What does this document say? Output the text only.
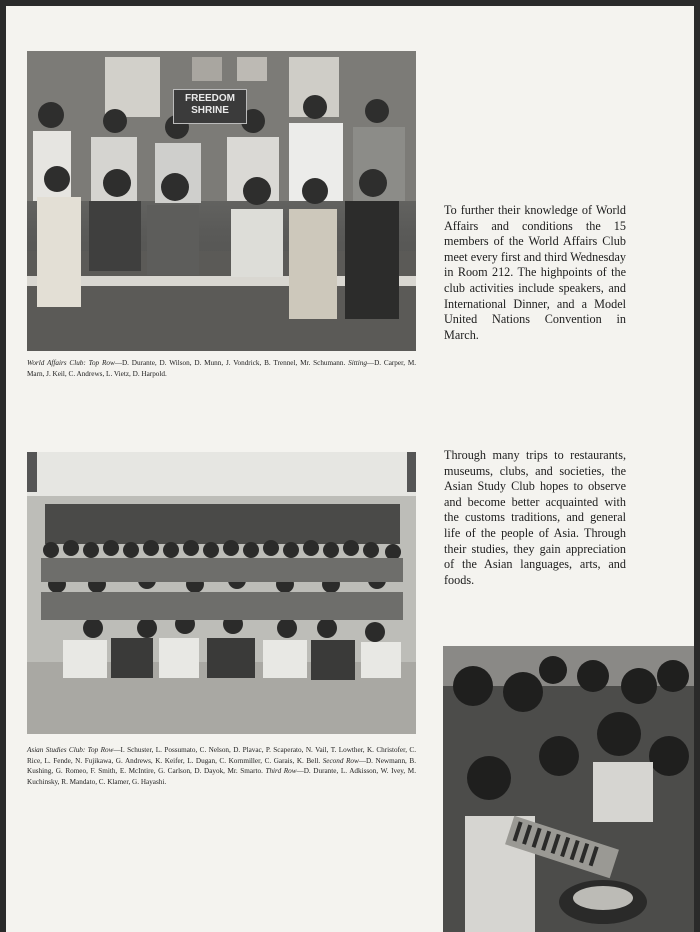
FREEDOM
SHRINE
World Affairs Club: Top Row—D. Durante, D. Wilson, D. Munn, J. Vondrick, B. Trennel, Mr. Schumann. Sitting—D. Carper, M. Marn, J. Keil, C. Andrews, L. Vietz, D. Harpold.
To further their knowledge of World Affairs and conditions the 15 members of the World Affairs Club meet every first and third Wednesday in Room 212. The highpoints of the club activities include speakers, and International Dinner, and a Model United Nations Convention in March.
Asian Studies Club: Top Row—I. Schuster, L. Possumato, C. Nelson, D. Plavac, P. Scaperato, N. Vail, T. Lowther, K. Christofer, C. Rice, L. Fende, N. Fujikawa, G. Andrews, K. Keifer, L. Dugan, C. Kornmiller, C. Garais, K. Bell. Second Row—D. Newmann, B. Kushing, G. Romeo, F. Smith, E. McIntire, G. Carlson, D. Dayok, Mr. Smarto. Third Row—D. Durante, L. Adkisson, W. Ivey, M. Kuchinsky, R. Mandato, C. Klamer, G. Hayashi.
Through many trips to restaurants, museums, clubs, and societies, the Asian Study Club hopes to observe and become better acquainted with the customs traditions, and general life of the people of Asia. Through their studies, they gain appreciation of the Asian languages, arts, and foods.
